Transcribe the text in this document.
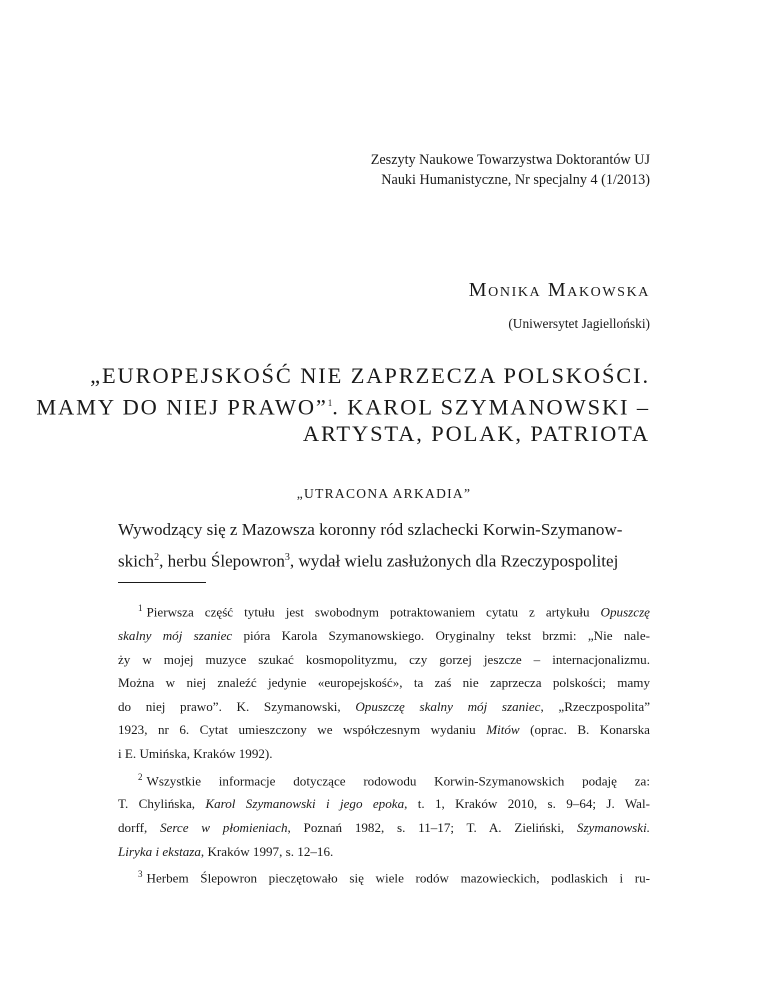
Zeszyty Naukowe Towarzystwa Doktorantów UJ
Nauki Humanistyczne, Nr specjalny 4 (1/2013)
Monika Makowska
(Uniwersytet Jagielloński)
„EUROPEJSKOŚĆ NIE ZAPRZECZA POLSKOŚCI.
MAMY DO NIEJ PRAWO”$^1$. KAROL SZYMANOWSKI –
ARTYSTA, POLAK, PATRIOTA
„UTRACONA ARKADIA”
Wywodzący się z Mazowsza koronny ród szlachecki Korwin-Szymanow-
skich$^2$, herbu Ślepowron$^3$, wydał wielu zasłużonych dla Rzeczypospolitej
$^1$ Pierwsza część tytułu jest swobodnym potraktowaniem cytatu z artykułu Opuszczę
skalny mój szaniec pióra Karola Szymanowskiego. Oryginalny tekst brzmi: „Nie nale-
ży w mojej muzyce szukać kosmopolityzmu, czy gorzej jeszcze – internacjonalizmu.
Można w niej znaleźć jedynie «europejskość», ta zaś nie zaprzecza polskości; mamy
do niej prawo”. K. Szymanowski, Opuszczę skalny mój szaniec, „Rzeczpospolita”
1923, nr 6. Cytat umieszczony we współczesnym wydaniu Mitów (oprac. B. Konarska
i E. Umińska, Kraków 1992).
$^2$ Wszystkie informacje dotyczące rodowodu Korwin-Szymanowskich podaję za:
T. Chylińska, Karol Szymanowski i jego epoka, t. 1, Kraków 2010, s. 9–64; J. Wal-
dorff, Serce w płomieniach, Poznań 1982, s. 11–17; T. A. Zieliński, Szymanowski.
Liryka i ekstaza, Kraków 1997, s. 12–16.
$^3$ Herbem Ślepowron pieczętowało się wiele rodów mazowieckich, podlaskich i ru-
